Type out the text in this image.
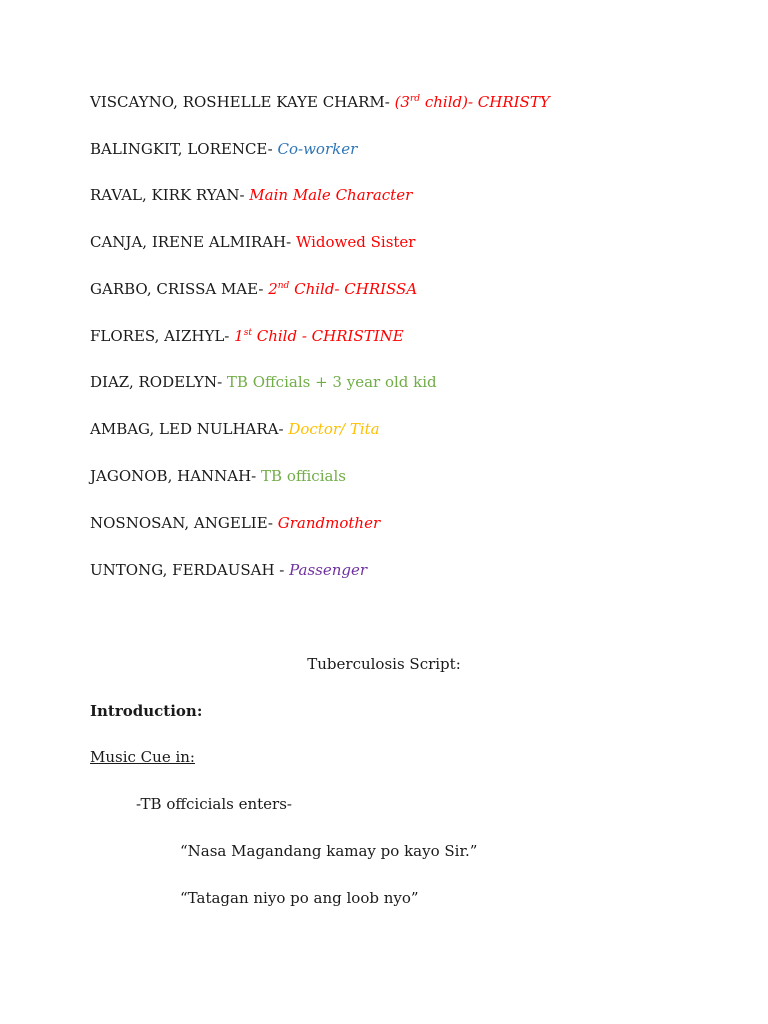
VISCAYNO, ROSHELLE KAYE CHARM- (3rd child)- CHRISTY
BALINGKIT, LORENCE- Co-worker
RAVAL, KIRK RYAN- Main Male Character
CANJA, IRENE ALMIRAH- Widowed Sister
GARBO, CRISSA MAE- 2nd Child- CHRISSA
FLORES, AIZHYL- 1st Child - CHRISTINE
DIAZ, RODELYN- TB Offcials + 3 year old kid
AMBAG, LED NULHARA- Doctor/ Tita
JAGONOB, HANNAH- TB officials
NOSNOSAN, ANGELIE- Grandmother
UNTONG, FERDAUSAH - Passenger
Tuberculosis Script:
Introduction:
Music Cue in:
-TB offcicials enters-
“Nasa Magandang kamay po kayo Sir.”
“Tatagan niyo po ang loob nyo”
